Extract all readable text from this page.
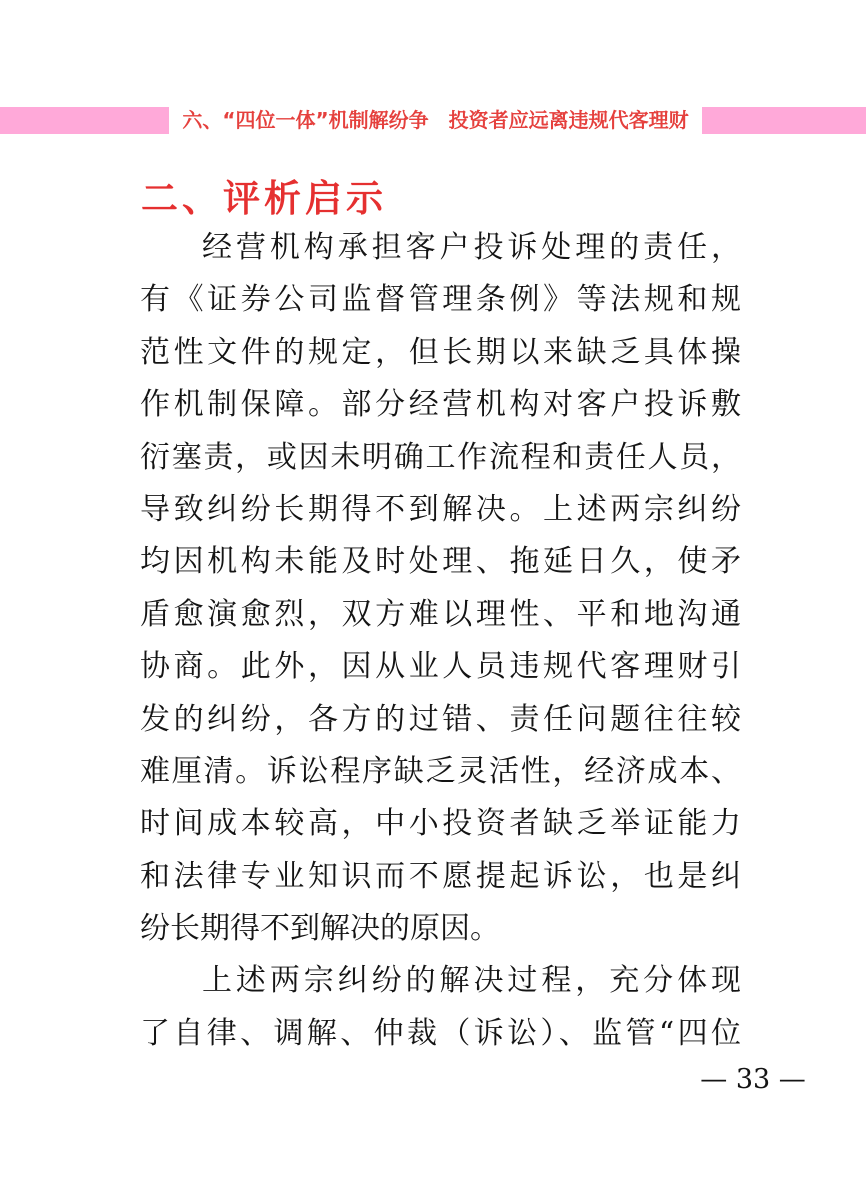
六、“四位一体”机制解纷争　投资者应远离违规代客理财
二、评析启示
经营机构承担客户投诉处理的责任，
有《证券公司监督管理条例》等法规和规
范性文件的规定，但长期以来缺乏具体操
作机制保障。部分经营机构对客户投诉敷
衍塞责，或因未明确工作流程和责任人员，
导致纠纷长期得不到解决。上述两宗纠纷
均因机构未能及时处理、拖延日久，使矛
盾愈演愈烈，双方难以理性、平和地沟通
协商。此外，因从业人员违规代客理财引
发的纠纷，各方的过错、责任问题往往较
难厘清。诉讼程序缺乏灵活性，经济成本、
时间成本较高，中小投资者缺乏举证能力
和法律专业知识而不愿提起诉讼，也是纠
纷长期得不到解决的原因。
上述两宗纠纷的解决过程，充分体现
了自律、调解、仲裁（诉讼）、监管“四位
— 33 —
